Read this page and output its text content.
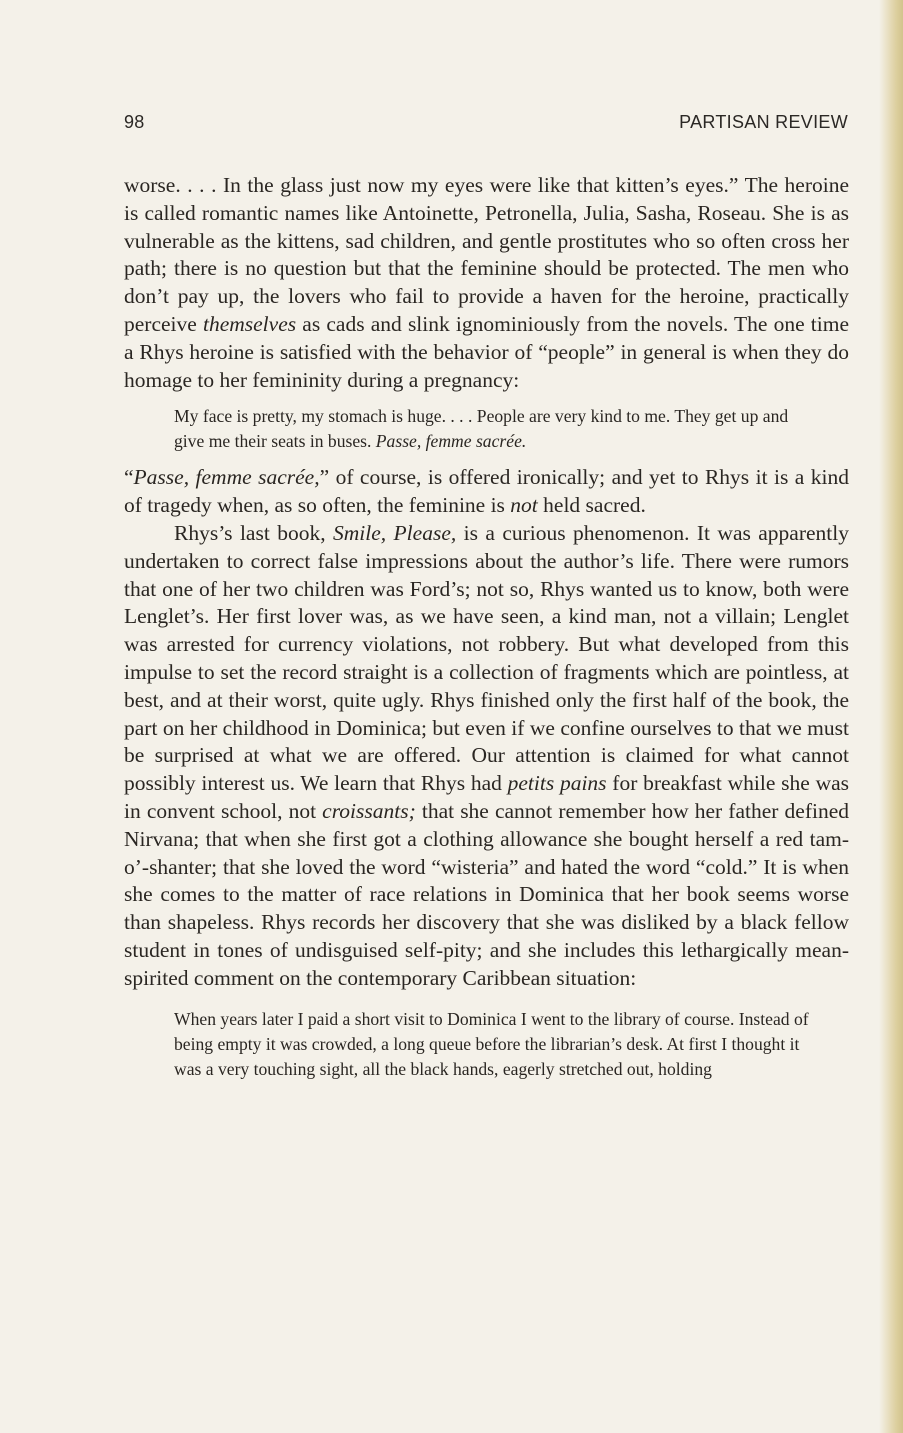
98	PARTISAN REVIEW

worse. . . . In the glass just now my eyes were like that kitten’s eyes.” The heroine is called romantic names like Antoinette, Petronella, Julia, Sasha, Roseau. She is as vulnerable as the kittens, sad children, and gentle prostitutes who so often cross her path; there is no question but that the feminine should be protected. The men who don’t pay up, the lovers who fail to provide a haven for the heroine, practically perceive themselves as cads and slink ignominiously from the novels. The one time a Rhys heroine is satisfied with the behavior of “people” in general is when they do homage to her femininity during a pregnancy:

My face is pretty, my stomach is huge. . . . People are very kind to me. They get up and give me their seats in buses. Passe, femme sacrée.

“Passe, femme sacrée,” of course, is offered ironically; and yet to Rhys it is a kind of tragedy when, as so often, the feminine is not held sacred.

Rhys’s last book, Smile, Please, is a curious phenomenon. It was apparently undertaken to correct false impressions about the author’s life. There were rumors that one of her two children was Ford’s; not so, Rhys wanted us to know, both were Lenglet’s. Her first lover was, as we have seen, a kind man, not a villain; Lenglet was arrested for currency violations, not robbery. But what developed from this impulse to set the record straight is a collection of fragments which are pointless, at best, and at their worst, quite ugly. Rhys finished only the first half of the book, the part on her childhood in Dominica; but even if we confine ourselves to that we must be surprised at what we are offered. Our attention is claimed for what cannot possibly interest us. We learn that Rhys had petits pains for breakfast while she was in convent school, not croissants; that she cannot remember how her father defined Nirvana; that when she first got a clothing allowance she bought herself a red tam-o’-shanter; that she loved the word “wisteria” and hated the word “cold.” It is when she comes to the matter of race relations in Dominica that her book seems worse than shapeless. Rhys records her discovery that she was disliked by a black fellow student in tones of undisguised self-pity; and she includes this lethargically mean-spirited comment on the contemporary Caribbean situation:

When years later I paid a short visit to Dominica I went to the library of course. Instead of being empty it was crowded, a long queue before the librarian’s desk. At first I thought it was a very touching sight, all the black hands, eagerly stretched out, holding
